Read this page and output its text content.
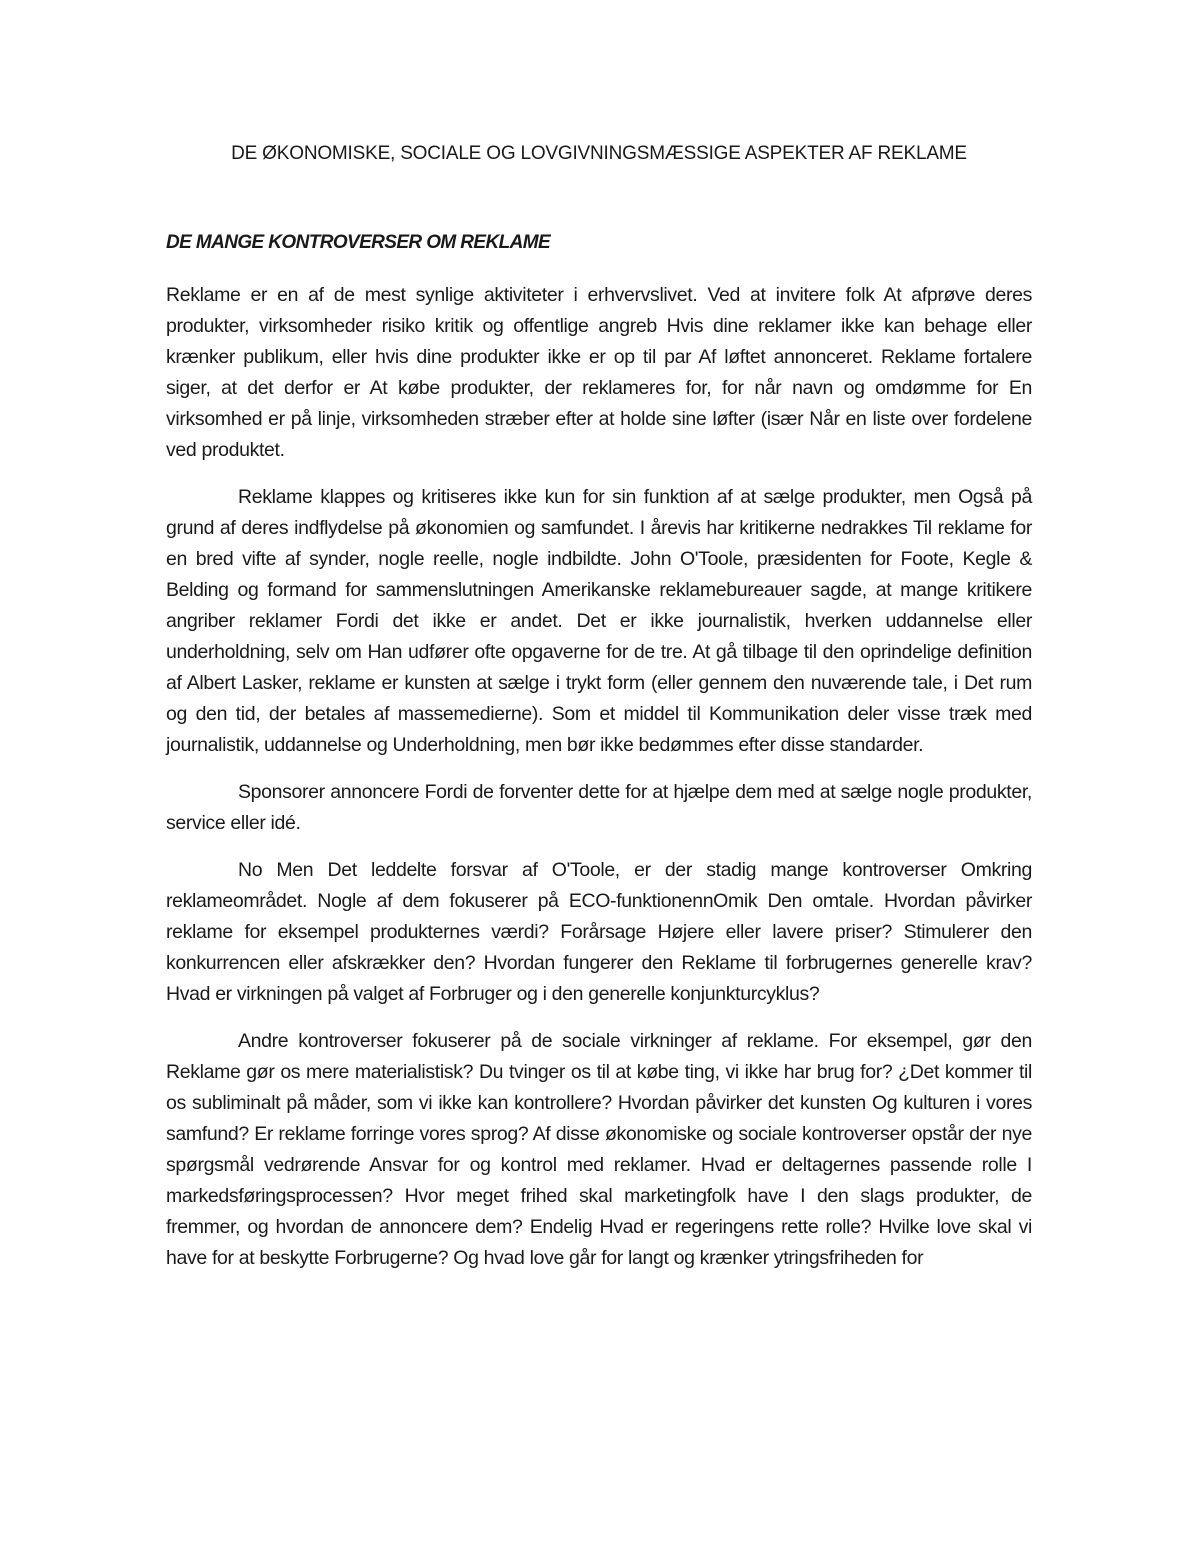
DE ØKONOMISKE, SOCIALE OG LOVGIVNINGSMÆSSIGE ASPEKTER AF REKLAME
DE MANGE KONTROVERSER OM REKLAME

Reklame er en af de mest synlige aktiviteter i erhvervslivet. Ved at invitere folk At afprøve deres produkter, virksomheder risiko kritik og offentlige angreb Hvis dine reklamer ikke kan behage eller krænker publikum, eller hvis dine produkter ikke er op til par Af løftet annonceret. Reklame fortalere siger, at det derfor er At købe produkter, der reklameres for, for når navn og omdømme for En virksomhed er på linje, virksomheden stræber efter at holde sine løfter (især Når en liste over fordelene ved produktet.

Reklame klappes og kritiseres ikke kun for sin funktion af at sælge produkter, men Også på grund af deres indflydelse på økonomien og samfundet. I årevis har kritikerne nedrakkes Til reklame for en bred vifte af synder, nogle reelle, nogle indbildte. John O'Toole, præsidenten for Foote, Kegle & Belding og formand for sammenslutningen Amerikanske reklamebureauer sagde, at mange kritikere angriber reklamer Fordi det ikke er andet. Det er ikke journalistik, hverken uddannelse eller underholdning, selv om Han udfører ofte opgaverne for de tre. At gå tilbage til den oprindelige definition af Albert Lasker, reklame er kunsten at sælge i trykt form (eller gennem den nuværende tale, i Det rum og den tid, der betales af massemedierne). Som et middel til Kommunikation deler visse træk med journalistik, uddannelse og Underholdning, men bør ikke bedømmes efter disse standarder.

Sponsorer annoncere Fordi de forventer dette for at hjælpe dem med at sælge nogle produkter, service eller idé.

No Men Det leddelte forsvar af O'Toole, er der stadig mange kontroverser Omkring reklameområdet. Nogle af dem fokuserer på ECO-funktionennOmik Den omtale. Hvordan påvirker reklame for eksempel produkternes værdi? Forårsage Højere eller lavere priser? Stimulerer den konkurrencen eller afskrækker den? Hvordan fungerer den Reklame til forbrugernes generelle krav? Hvad er virkningen på valget af Forbruger og i den generelle konjunkturcyklus?

Andre kontroverser fokuserer på de sociale virkninger af reklame. For eksempel, gør den Reklame gør os mere materialistisk? Du tvinger os til at købe ting, vi ikke har brug for? ¿Det kommer til os subliminalt på måder, som vi ikke kan kontrollere? Hvordan påvirker det kunsten Og kulturen i vores samfund? Er reklame forringe vores sprog? Af disse økonomiske og sociale kontroverser opstår der nye spørgsmål vedrørende Ansvar for og kontrol med reklamer. Hvad er deltagernes passende rolle I markedsføringsprocessen? Hvor meget frihed skal marketingfolk have I den slags produkter, de fremmer, og hvordan de annoncere dem? Endelig Hvad er regeringens rette rolle? Hvilke love skal vi have for at beskytte Forbrugerne? Og hvad love går for langt og krænker ytringsfriheden for
